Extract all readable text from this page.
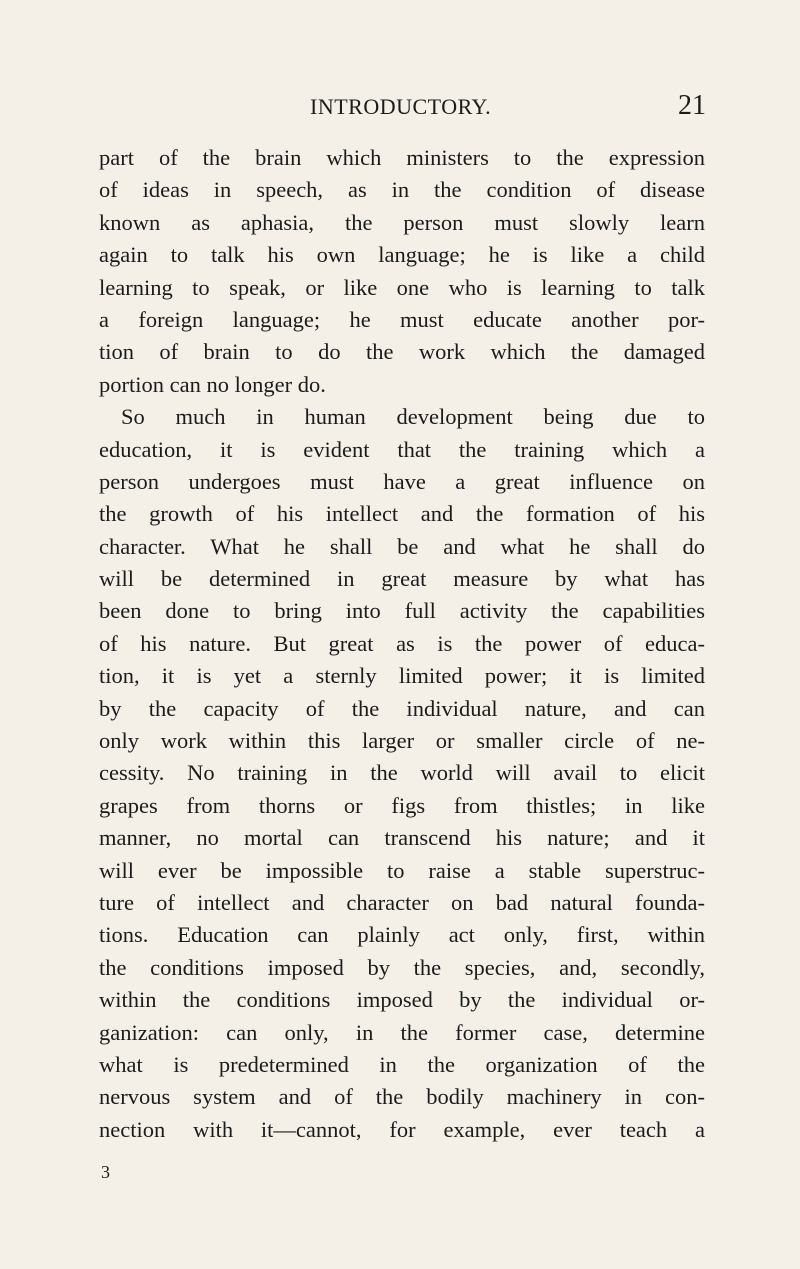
INTRODUCTORY.	21
part of the brain which ministers to the expression
of ideas in speech, as in the condition of disease
known as aphasia, the person must slowly learn
again to talk his own language; he is like a child
learning to speak, or like one who is learning to talk
a foreign language; he must educate another por-
tion of brain to do the work which the damaged
portion can no longer do.
So much in human development being due to
education, it is evident that the training which a
person undergoes must have a great influence on
the growth of his intellect and the formation of his
character. What he shall be and what he shall do
will be determined in great measure by what has
been done to bring into full activity the capabilities
of his nature. But great as is the power of educa-
tion, it is yet a sternly limited power; it is limited
by the capacity of the individual nature, and can
only work within this larger or smaller circle of ne-
cessity. No training in the world will avail to elicit
grapes from thorns or figs from thistles; in like
manner, no mortal can transcend his nature; and it
will ever be impossible to raise a stable superstruc-
ture of intellect and character on bad natural founda-
tions. Education can plainly act only, first, within
the conditions imposed by the species, and, secondly,
within the conditions imposed by the individual or-
ganization: can only, in the former case, determine
what is predetermined in the organization of the
nervous system and of the bodily machinery in con-
nection with it—cannot, for example, ever teach a
3
